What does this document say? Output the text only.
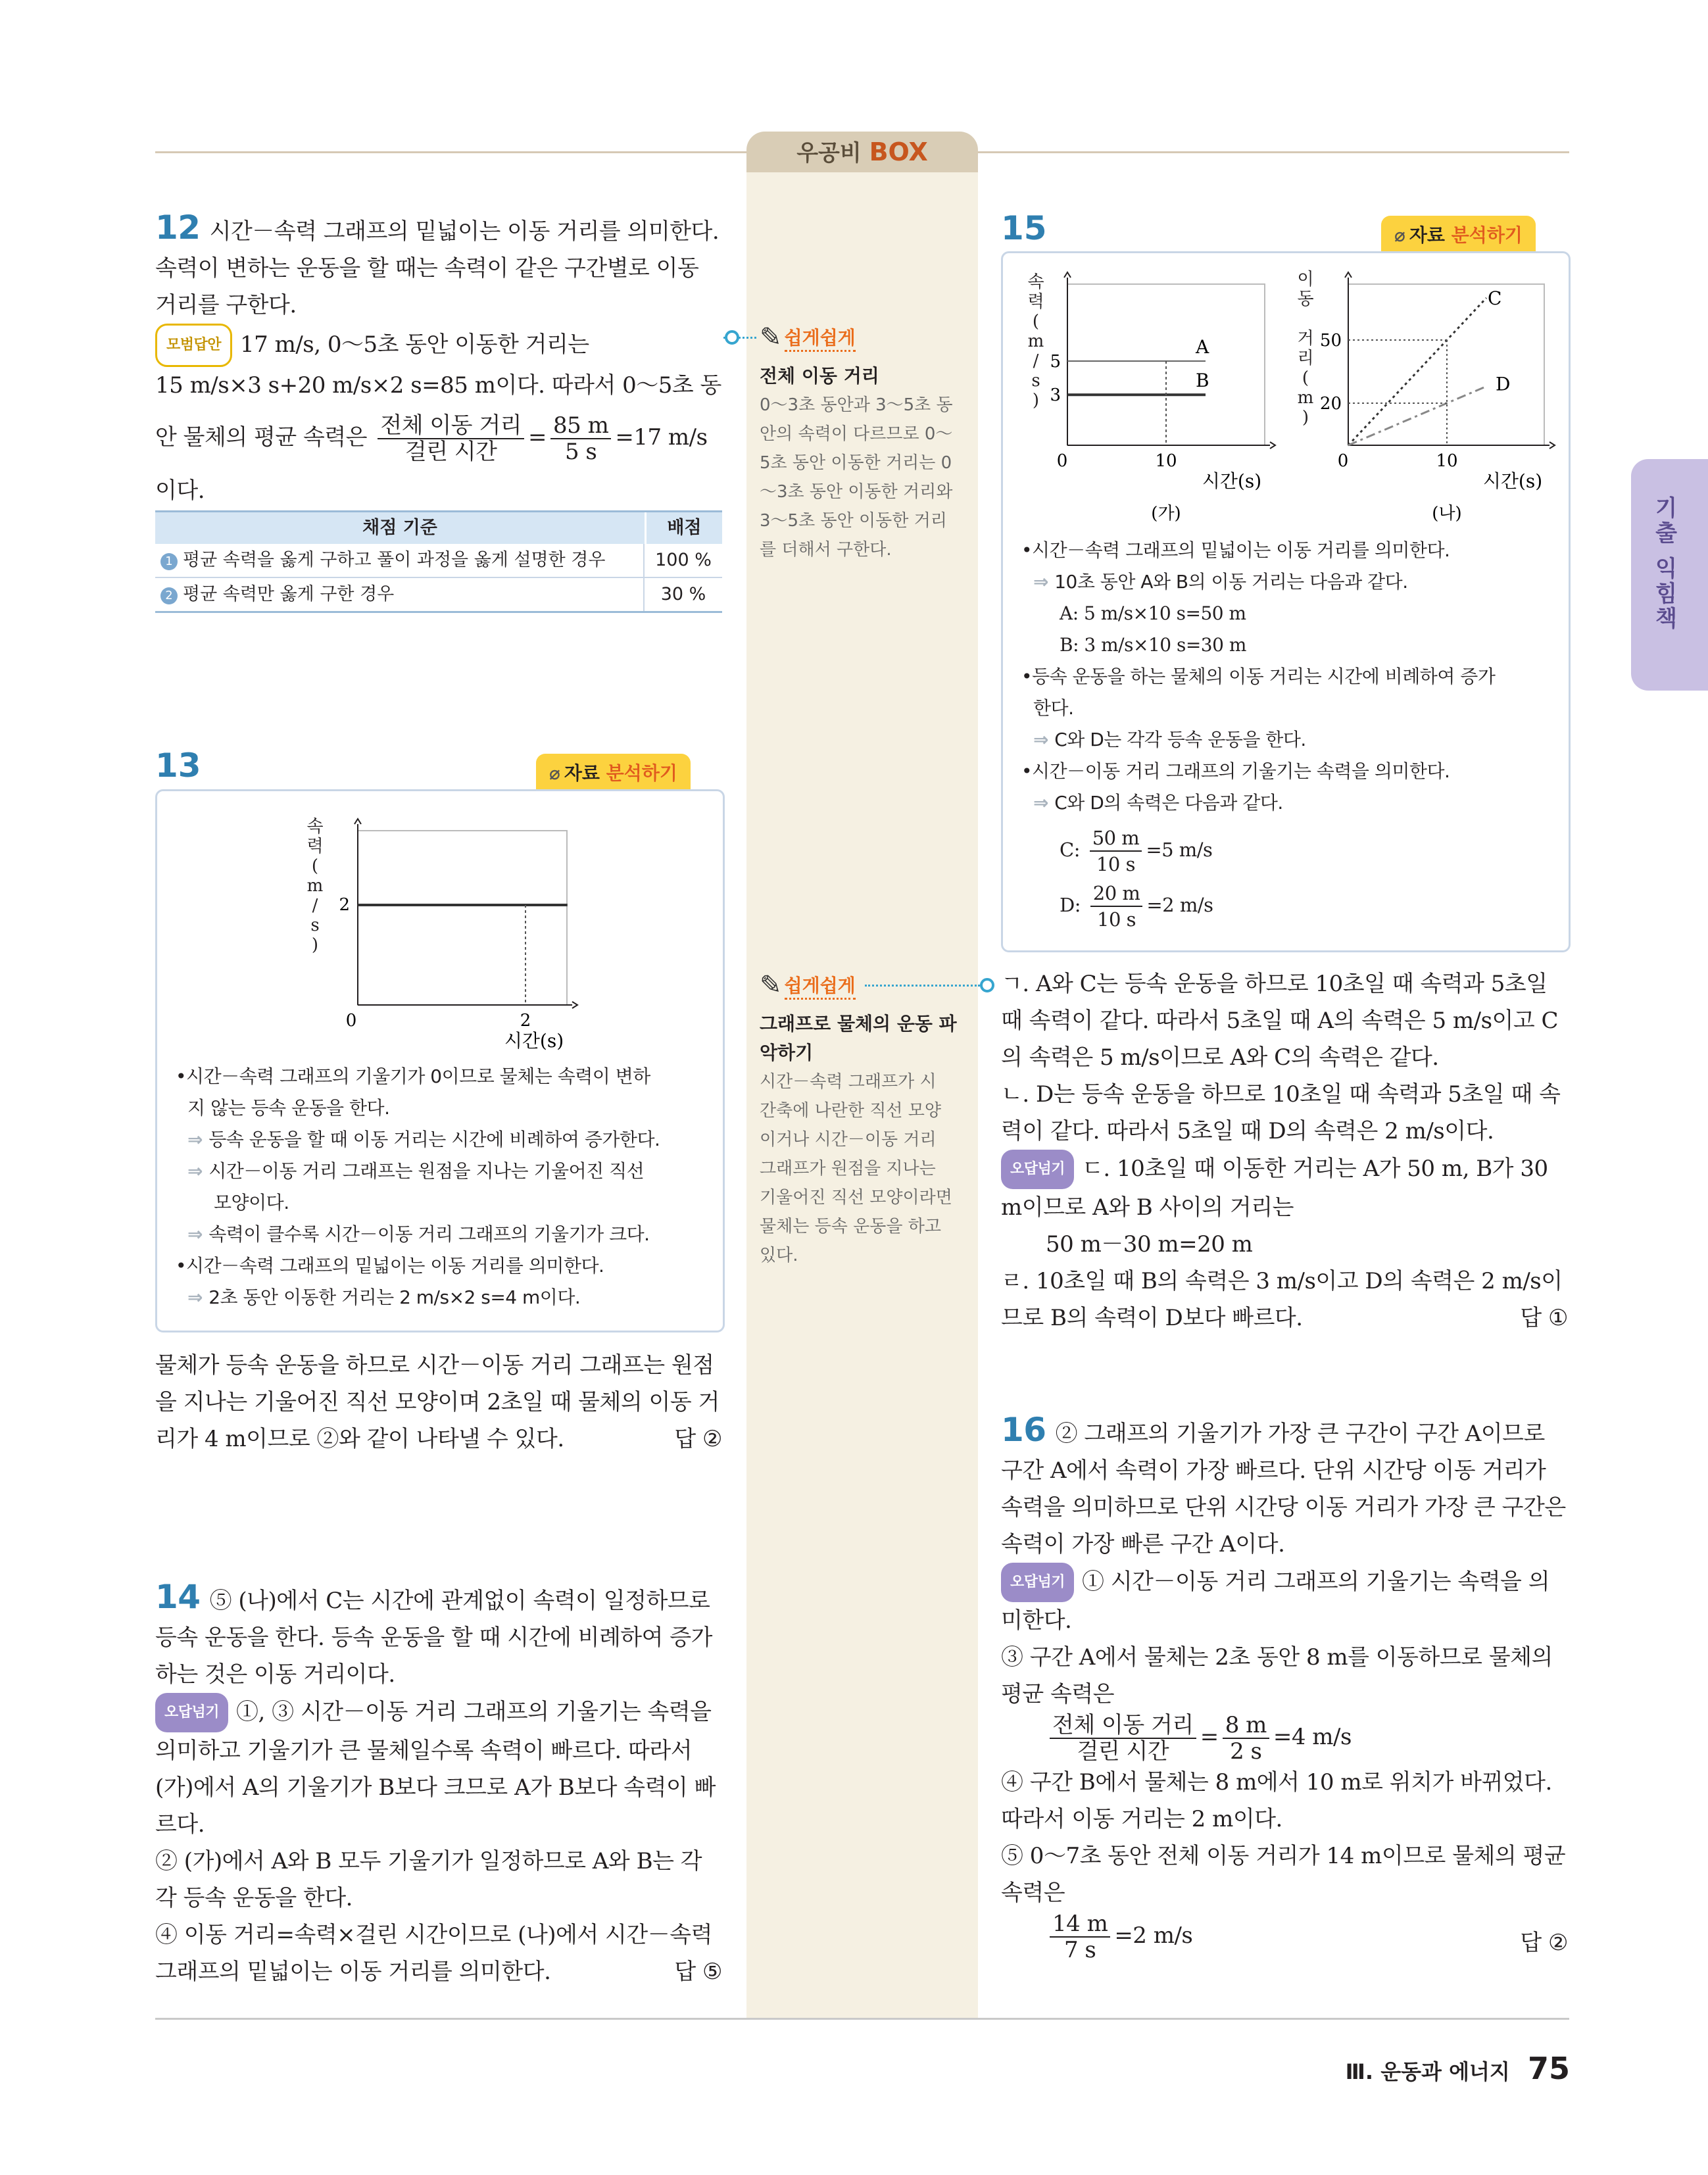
우공비 BOX

12 시간－속력 그래프의 밑넓이는 이동 거리를 의미한다. 속력이 변하는 운동을 할 때는 속력이 같은 구간별로 이동 거리를 구한다.

모범답안 17 m/s, 0～5초 동안 이동한 거리는

15 m/s×3 s+20 m/s×2 s=85 m이다. 따라서 0～5초 동

안 물체의 평균 속력은 $\frac{\text{전체 이동 거리}}{\text{걸린 시간}} = \frac{85 m}{5 s} =17$ m/s

이다.

채점 기준	배점
1 평균 속력을 옳게 구하고 풀이 과정을 옳게 설명한 경우	100 %
2 평균 속력만 옳게 구한 경우	30 %
✎ 쉽게쉽게
전체 이동 거리
0～3초 동안과 3～5초 동
안의 속력이 다르므로 0～
5초 동안 이동한 거리는 0
～3초 동안 이동한 거리와
3～5초 동안 이동한 거리
를 더해서 구한다.
✎ 쉽게쉽게
그래프로 물체의 운동 파
악하기
시간－속력 그래프가 시
간축에 나란한 직선 모양
이거나 시간－이동 거리
그래프가 원점을 지나는
기울어진 직선 모양이라면
물체는 등속 운동을 하고
있다.
13	⌀ 자료 분석하기
2
0	2
시간(s)
속
력
(
m
/
s
)

•시간－속력 그래프의 기울기가 0이므로 물체는 속력이 변하

지 않는 등속 운동을 한다.

⇒ 등속 운동을 할 때 이동 거리는 시간에 비례하여 증가한다.

⇒ 시간－이동 거리 그래프는 원점을 지나는 기울어진 직선

모양이다.

⇒ 속력이 클수록 시간－이동 거리 그래프의 기울기가 크다.

•시간－속력 그래프의 밑넓이는 이동 거리를 의미한다.

⇒ 2초 동안 이동한 거리는 2 m/s×2 s=4 m이다.

물체가 등속 운동을 하므로 시간－이동 거리 그래프는 원점을 지나는 기울어진 직선 모양이며 2초일 때 물체의 이동 거리가 4 m이므로 ②와 같이 나타낼 수 있다.	답 ②

14 ⑤ (나)에서 C는 시간에 관계없이 속력이 일정하므로 등속 운동을 한다. 등속 운동을 할 때 시간에 비례하여 증가하는 것은 이동 거리이다.

오답넘기 ①, ③ 시간－이동 거리 그래프의 기울기는 속력을 의미하고 기울기가 큰 물체일수록 속력이 빠르다. 따라서 (가)에서 A의 기울기가 B보다 크므로 A가 B보다 속력이 빠르다.

② (가)에서 A와 B 모두 기울기가 일정하므로 A와 B는 각각 등속 운동을 한다.

④ 이동 거리=속력×걸린 시간이므로 (나)에서 시간－속력 그래프의 밑넓이는 이동 거리를 의미한다.	답 ⑤

15	⌀ 자료 분석하기
A
B
5
3
0	10
시간(s)
(가)
속
력
(
m
/
s
)
C
D
50
20
0	10
시간(s)
(나)
이
동
거
리
(
m
)

•시간－속력 그래프의 밑넓이는 이동 거리를 의미한다.

⇒ 10초 동안 A와 B의 이동 거리는 다음과 같다.

A: 5 m/s×10 s=50 m

B: 3 m/s×10 s=30 m

•등속 운동을 하는 물체의 이동 거리는 시간에 비례하여 증가

한다.

⇒ C와 D는 각각 등속 운동을 한다.

•시간－이동 거리 그래프의 기울기는 속력을 의미한다.

⇒ C와 D의 속력은 다음과 같다.

C: $\frac{50 m}{10 s} =5$ m/s

D: $\frac{20 m}{10 s} =2$ m/s

ㄱ. A와 C는 등속 운동을 하므로 10초일 때 속력과 5초일 때 속력이 같다. 따라서 5초일 때 A의 속력은 5 m/s이고 C의 속력은 5 m/s이므로 A와 C의 속력은 같다.

ㄴ. D는 등속 운동을 하므로 10초일 때 속력과 5초일 때 속력이 같다. 따라서 5초일 때 D의 속력은 2 m/s이다.

오답넘기 ㄷ. 10초일 때 이동한 거리는 A가 50 m, B가 30 m이므로 A와 B 사이의 거리는

50 m－30 m=20 m

ㄹ. 10초일 때 B의 속력은 3 m/s이고 D의 속력은 2 m/s이므로 B의 속력이 D보다 빠르다.	답 ①

16 ② 그래프의 기울기가 가장 큰 구간이 구간 A이므로 구간 A에서 속력이 가장 빠르다. 단위 시간당 이동 거리가 속력을 의미하므로 단위 시간당 이동 거리가 가장 큰 구간은 속력이 가장 빠른 구간 A이다.

오답넘기 ① 시간－이동 거리 그래프의 기울기는 속력을 의미한다.

③ 구간 A에서 물체는 2초 동안 8 m를 이동하므로 물체의 평균 속력은

$\frac{\text{전체 이동 거리}}{\text{걸린 시간}} = \frac{8 m}{2 s} =4$ m/s

④ 구간 B에서 물체는 8 m에서 10 m로 위치가 바뀌었다. 따라서 이동 거리는 2 m이다.

⑤ 0～7초 동안 전체 이동 거리가 14 m이므로 물체의 평균 속력은

$\frac{14 m}{7 s} =2$ m/s	답 ②

기출 익힘책
Ⅲ. 운동과 에너지 75
